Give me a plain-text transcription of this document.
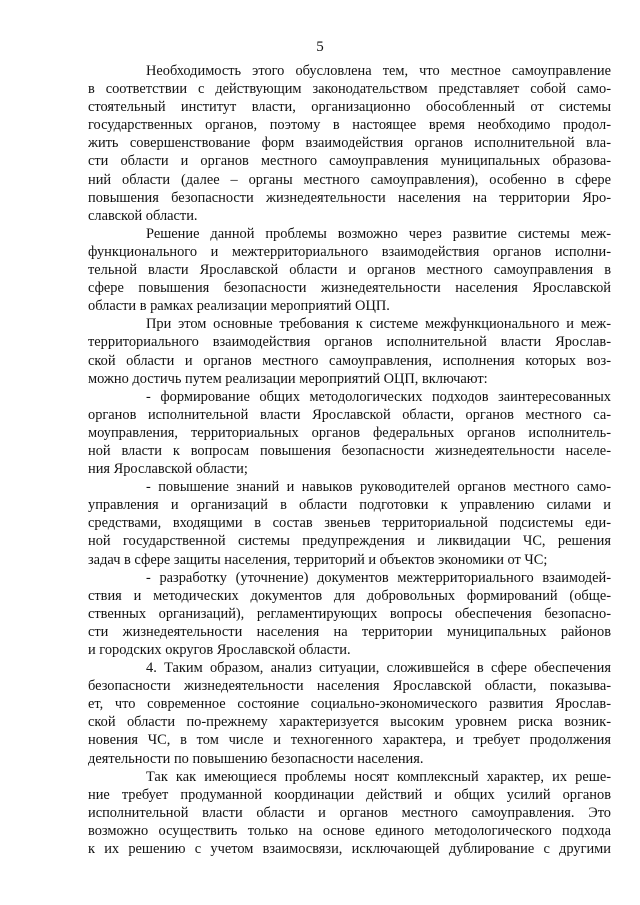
5

Необходимость этого обусловлена тем, что местное самоуправление
в соответствии с действующим законодательством представляет собой само-
стоятельный институт власти, организационно обособленный от системы
государственных органов, поэтому в настоящее время необходимо продол-
жить совершенствование форм взаимодействия органов исполнительной вла-
сти области и органов местного самоуправления муниципальных образова-
ний области (далее – органы местного самоуправления), особенно в сфере
повышения безопасности жизнедеятельности населения на территории Яро-
славской области.

Решение данной проблемы возможно через развитие системы меж-
функционального и межтерриториального взаимодействия органов исполни-
тельной власти Ярославской области и органов местного самоуправления в
сфере повышения безопасности жизнедеятельности населения Ярославской
области в рамках реализации мероприятий ОЦП.

При этом основные требования к системе межфункционального и меж-
территориального взаимодействия органов исполнительной власти Ярослав-
ской области и органов местного самоуправления, исполнения которых воз-
можно достичь путем реализации мероприятий ОЦП, включают:

- формирование общих методологических подходов заинтересованных
органов исполнительной власти Ярославской области, органов местного са-
моуправления, территориальных органов федеральных органов исполнитель-
ной власти к вопросам повышения безопасности жизнедеятельности населе-
ния Ярославской области;

- повышение знаний и навыков руководителей органов местного само-
управления и организаций в области подготовки к управлению силами и
средствами, входящими в состав звеньев территориальной подсистемы еди-
ной государственной системы предупреждения и ликвидации ЧС, решения
задач в сфере защиты населения, территорий и объектов экономики от ЧС;

- разработку (уточнение) документов межтерриториального взаимодей-
ствия и методических документов для добровольных формирований (обще-
ственных организаций), регламентирующих вопросы обеспечения безопасно-
сти жизнедеятельности населения на территории муниципальных районов
и городских округов Ярославской области.

4. Таким образом, анализ ситуации, сложившейся в сфере обеспечения
безопасности жизнедеятельности населения Ярославской области, показыва-
ет, что современное состояние социально-экономического развития Ярослав-
ской области по-прежнему характеризуется высоким уровнем риска возник-
новения ЧС, в том числе и техногенного характера, и требует продолжения
деятельности по повышению безопасности населения.

Так как имеющиеся проблемы носят комплексный характер, их реше-
ние требует продуманной координации действий и общих усилий органов
исполнительной власти области и органов местного самоуправления. Это
возможно осуществить только на основе единого методологического подхода
к их решению с учетом взаимосвязи, исключающей дублирование с другими
